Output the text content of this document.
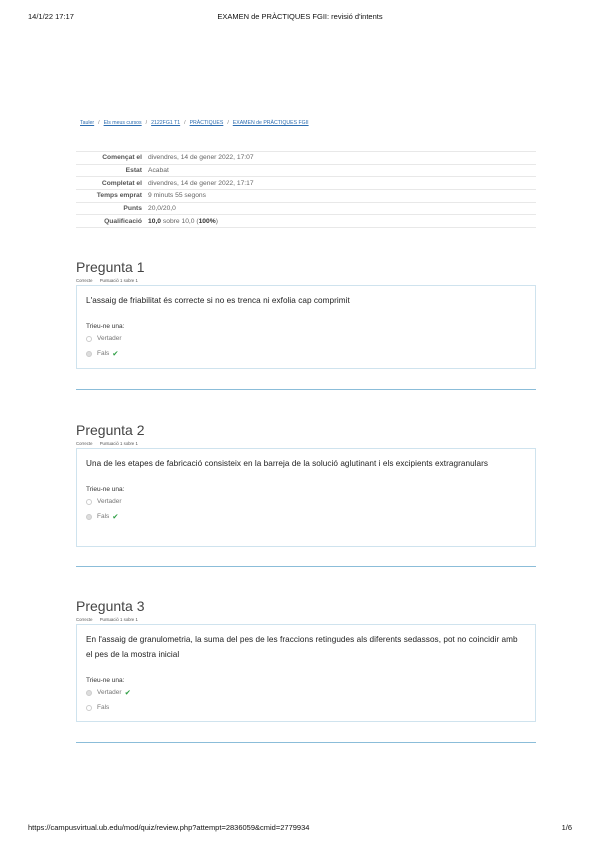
14/1/22 17:17	EXAMEN de PRÀCTIQUES FGII: revisió d'intents
Tauler / Els meus cursos / 2122FG1 T1 / PRÀCTIQUES / EXAMEN de PRÀCTIQUES FGII
Començat el	divendres, 14 de gener 2022, 17:07
Estat	Acabat
Completat el	divendres, 14 de gener 2022, 17:17
Temps emprat	9 minuts 55 segons
Punts	20,0/20,0
Qualificació	10,0 sobre 10,0 (100%)
Pregunta 1
Correcte Puntuació 1 sobre 1
L'assaig de friabilitat és correcte si no es trenca ni exfolia cap comprimit
Trieu-ne una:
Vertader
Fals ✔
Pregunta 2
Correcte Puntuació 1 sobre 1
Una de les etapes de fabricació consisteix en la barreja de la solució aglutinant i els excipients extragranulars
Trieu-ne una:
Vertader
Fals ✔
Pregunta 3
Correcte Puntuació 1 sobre 1
En l'assaig de granulometria, la suma del pes de les fraccions retingudes als diferents sedassos, pot no coincidir amb el pes de la mostra inicial
Trieu-ne una:
Vertader ✔
Fals
https://campusvirtual.ub.edu/mod/quiz/review.php?attempt=2836059&cmid=2779934	1/6
